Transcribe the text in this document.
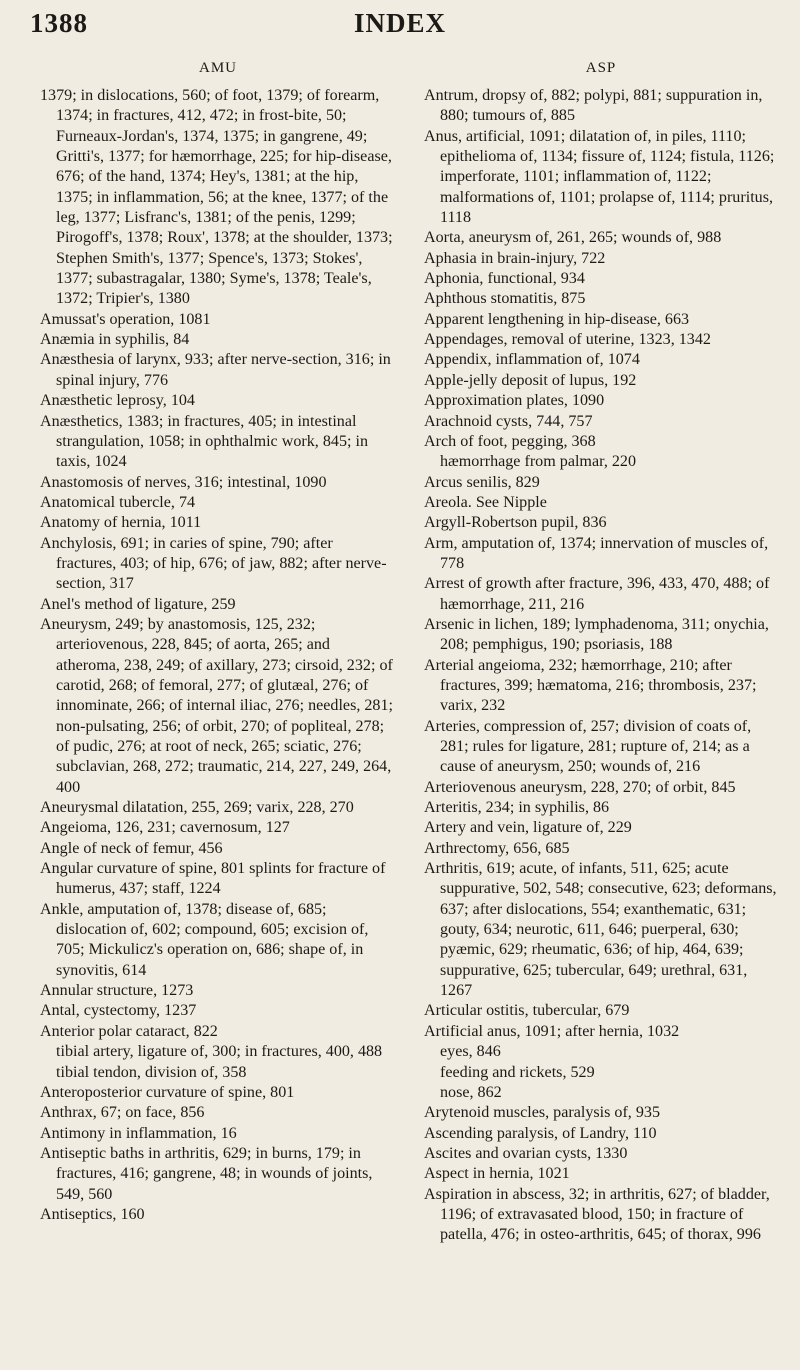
1388	INDEX
AMU

1379; in dislocations, 560; of foot, 1379; of forearm, 1374; in fractures, 412, 472; in frost-bite, 50; Furneaux-Jordan's, 1374, 1375; in gangrene, 49; Gritti's, 1377; for hæmorrhage, 225; for hip-disease, 676; of the hand, 1374; Hey's, 1381; at the hip, 1375; in inflammation, 56; at the knee, 1377; of the leg, 1377; Lisfranc's, 1381; of the penis, 1299; Pirogoff's, 1378; Roux', 1378; at the shoulder, 1373; Stephen Smith's, 1377; Spence's, 1373; Stokes', 1377; subastragalar, 1380; Syme's, 1378; Teale's, 1372; Tripier's, 1380

Amussat's operation, 1081

Anæmia in syphilis, 84

Anæsthesia of larynx, 933; after nerve-section, 316; in spinal injury, 776

Anæsthetic leprosy, 104

Anæsthetics, 1383; in fractures, 405; in intestinal strangulation, 1058; in ophthalmic work, 845; in taxis, 1024

Anastomosis of nerves, 316; intestinal, 1090

Anatomical tubercle, 74

Anatomy of hernia, 1011

Anchylosis, 691; in caries of spine, 790; after fractures, 403; of hip, 676; of jaw, 882; after nerve-section, 317

Anel's method of ligature, 259

Aneurysm, 249; by anastomosis, 125, 232; arteriovenous, 228, 845; of aorta, 265; and atheroma, 238, 249; of axillary, 273; cirsoid, 232; of carotid, 268; of femoral, 277; of glutæal, 276; of innominate, 266; of internal iliac, 276; needles, 281; non-pulsating, 256; of orbit, 270; of popliteal, 278; of pudic, 276; at root of neck, 265; sciatic, 276; subclavian, 268, 272; traumatic, 214, 227, 249, 264, 400

Aneurysmal dilatation, 255, 269; varix, 228, 270

Angeioma, 126, 231; cavernosum, 127

Angle of neck of femur, 456

Angular curvature of spine, 801 splints for fracture of humerus, 437; staff, 1224

Ankle, amputation of, 1378; disease of, 685; dislocation of, 602; compound, 605; excision of, 705; Mickulicz's operation on, 686; shape of, in synovitis, 614

Annular structure, 1273

Antal, cystectomy, 1237

Anterior polar cataract, 822

tibial artery, ligature of, 300; in fractures, 400, 488

tibial tendon, division of, 358

Anteroposterior curvature of spine, 801

Anthrax, 67; on face, 856

Antimony in inflammation, 16

Antiseptic baths in arthritis, 629; in burns, 179; in fractures, 416; gangrene, 48; in wounds of joints, 549, 560

Antiseptics, 160

ASP

Antrum, dropsy of, 882; polypi, 881; suppuration in, 880; tumours of, 885

Anus, artificial, 1091; dilatation of, in piles, 1110; epithelioma of, 1134; fissure of, 1124; fistula, 1126; imperforate, 1101; inflammation of, 1122; malformations of, 1101; prolapse of, 1114; pruritus, 1118

Aorta, aneurysm of, 261, 265; wounds of, 988

Aphasia in brain-injury, 722

Aphonia, functional, 934

Aphthous stomatitis, 875

Apparent lengthening in hip-disease, 663

Appendages, removal of uterine, 1323, 1342

Appendix, inflammation of, 1074

Apple-jelly deposit of lupus, 192

Approximation plates, 1090

Arachnoid cysts, 744, 757

Arch of foot, pegging, 368

hæmorrhage from palmar, 220

Arcus senilis, 829

Areola. See Nipple

Argyll-Robertson pupil, 836

Arm, amputation of, 1374; innervation of muscles of, 778

Arrest of growth after fracture, 396, 433, 470, 488; of hæmorrhage, 211, 216

Arsenic in lichen, 189; lymphadenoma, 311; onychia, 208; pemphigus, 190; psoriasis, 188

Arterial angeioma, 232; hæmorrhage, 210; after fractures, 399; hæmatoma, 216; thrombosis, 237; varix, 232

Arteries, compression of, 257; division of coats of, 281; rules for ligature, 281; rupture of, 214; as a cause of aneurysm, 250; wounds of, 216

Arteriovenous aneurysm, 228, 270; of orbit, 845

Arteritis, 234; in syphilis, 86

Artery and vein, ligature of, 229

Arthrectomy, 656, 685

Arthritis, 619; acute, of infants, 511, 625; acute suppurative, 502, 548; consecutive, 623; deformans, 637; after dislocations, 554; exanthematic, 631; gouty, 634; neurotic, 611, 646; puerperal, 630; pyæmic, 629; rheumatic, 636; of hip, 464, 639; suppurative, 625; tubercular, 649; urethral, 631, 1267

Articular ostitis, tubercular, 679

Artificial anus, 1091; after hernia, 1032

eyes, 846

feeding and rickets, 529

nose, 862

Arytenoid muscles, paralysis of, 935

Ascending paralysis, of Landry, 110

Ascites and ovarian cysts, 1330

Aspect in hernia, 1021

Aspiration in abscess, 32; in arthritis, 627; of bladder, 1196; of extravasated blood, 150; in fracture of patella, 476; in osteo-arthritis, 645; of thorax, 996
